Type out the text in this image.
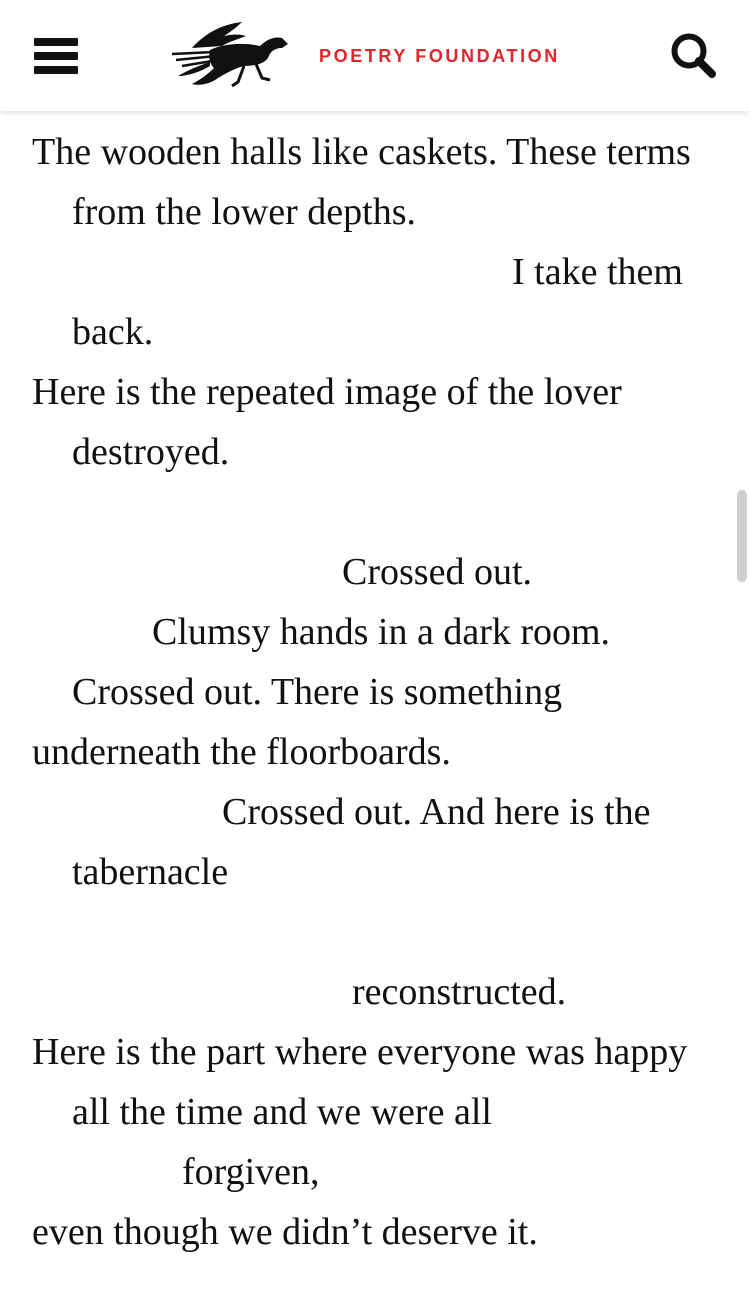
The wooden halls like caskets. These terms
from the lower depths.
I take them
back.
Here is the repeated image of the lover
destroyed.
Crossed out.
Clumsy hands in a dark room.
Crossed out. There is something
underneath the floorboards.
Crossed out. And here is the
tabernacle
reconstructed.
Here is the part where everyone was happy
all the time and we were all
forgiven,
even though we didn’t deserve it.
POETRY FOUNDATION
